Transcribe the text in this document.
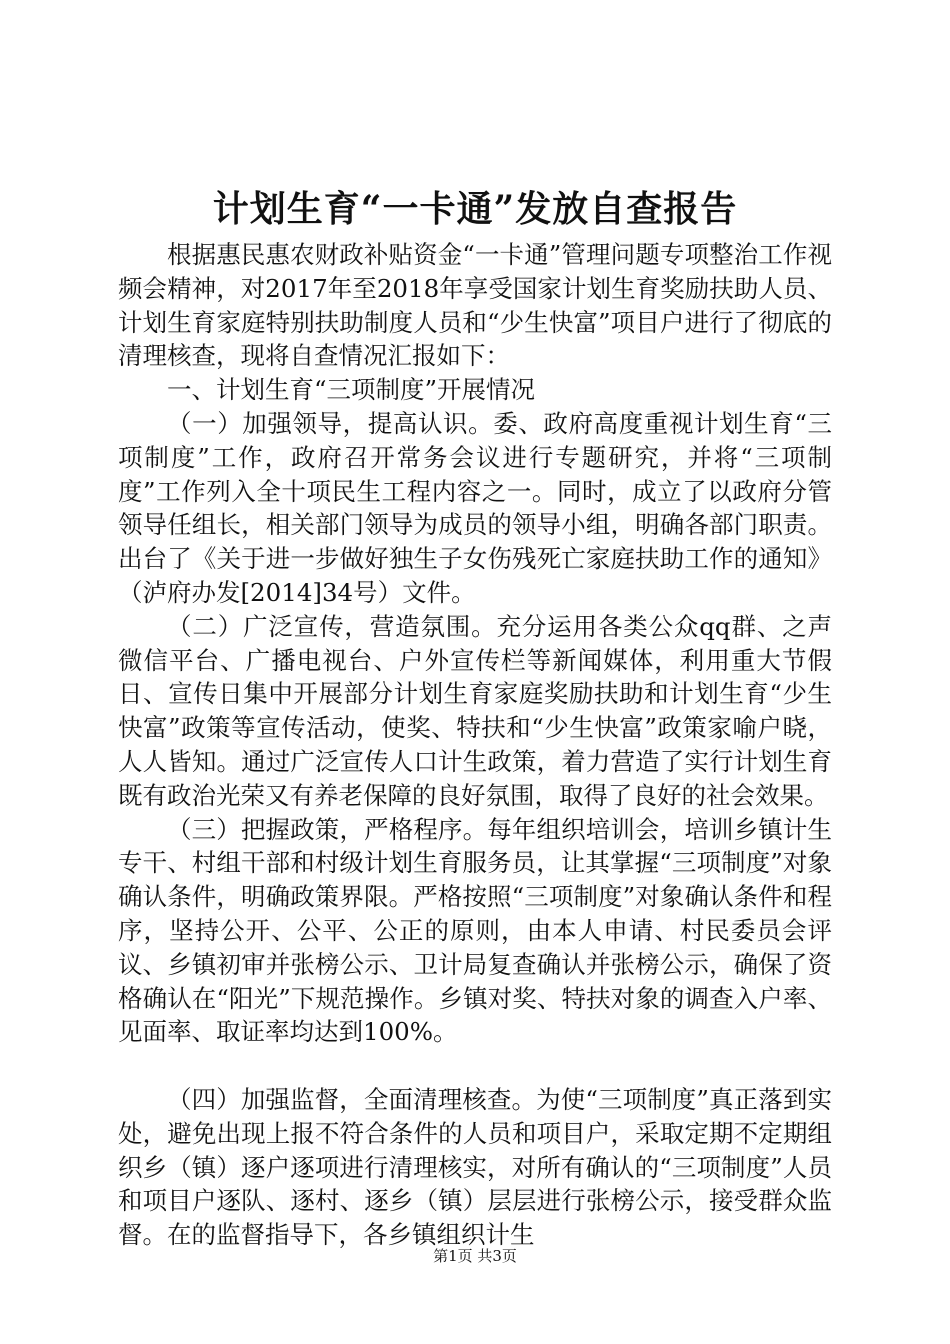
计划生育“一卡通”发放自查报告

根据惠民惠农财政补贴资金“一卡通”管理问题专项整治工作视频会精神，对2017年至2018年享受国家计划生育奖励扶助人员、计划生育家庭特别扶助制度人员和“少生快富”项目户进行了彻底的清理核查，现将自查情况汇报如下：

一、计划生育“三项制度”开展情况

（一）加强领导，提高认识。委、政府高度重视计划生育“三项制度”工作，政府召开常务会议进行专题研究，并将“三项制度”工作列入全十项民生工程内容之一。同时，成立了以政府分管领导任组长，相关部门领导为成员的领导小组，明确各部门职责。出台了《关于进一步做好独生子女伤残死亡家庭扶助工作的通知》（泸府办发[2014]34号）文件。

（二）广泛宣传，营造氛围。充分运用各类公众qq群、之声微信平台、广播电视台、户外宣传栏等新闻媒体，利用重大节假日、宣传日集中开展部分计划生育家庭奖励扶助和计划生育“少生快富”政策等宣传活动，使奖、特扶和“少生快富”政策家喻户晓，人人皆知。通过广泛宣传人口计生政策，着力营造了实行计划生育既有政治光荣又有养老保障的良好氛围，取得了良好的社会效果。

（三）把握政策，严格程序。每年组织培训会，培训乡镇计生专干、村组干部和村级计划生育服务员，让其掌握“三项制度”对象确认条件，明确政策界限。严格按照“三项制度”对象确认条件和程序，坚持公开、公平、公正的原则，由本人申请、村民委员会评议、乡镇初审并张榜公示、卫计局复查确认并张榜公示，确保了资格确认在“阳光”下规范操作。乡镇对奖、特扶对象的调查入户率、见面率、取证率均达到100%。

（四）加强监督，全面清理核查。为使“三项制度”真正落到实处，避免出现上报不符合条件的人员和项目户，采取定期不定期组织乡（镇）逐户逐项进行清理核实，对所有确认的“三项制度”人员和项目户逐队、逐村、逐乡（镇）层层进行张榜公示，接受群众监督。在的监督指导下，各乡镇组织计生

第1页 共3页
